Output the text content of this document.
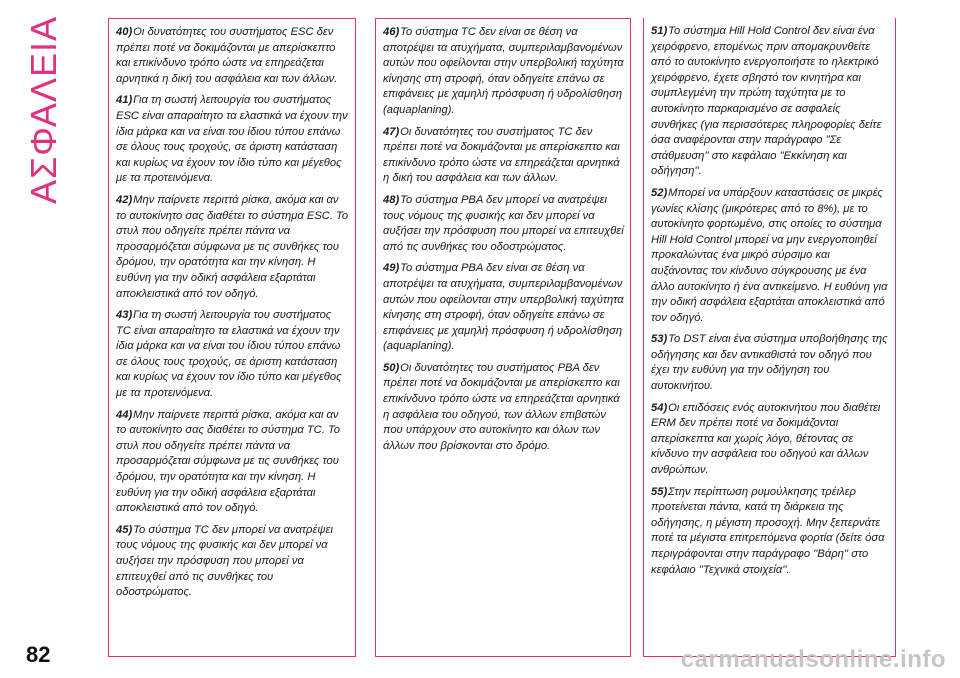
ΑΣΦΑΛΕΙΑ
82

40)Οι δυνατότητες του συστήματος ESC δεν πρέπει ποτέ να δοκιμάζονται με απερίσκεπτο και επικίνδυνο τρόπο ώστε να επηρεάζεται αρνητικά η δική του ασφάλεια και των άλλων.

41)Για τη σωστή λειτουργία του συστήματος ESC είναι απαραίτητο τα ελαστικά να έχουν την ίδια μάρκα και να είναι του ίδιου τύπου επάνω σε όλους τους τροχούς, σε άριστη κατάσταση και κυρίως να έχουν τον ίδιο τύπο και μέγεθος με τα προτεινόμενα.

42)Μην παίρνετε περιττά ρίσκα, ακόμα και αν το αυτοκίνητο σας διαθέτει το σύστημα ESC. Το στυλ που οδηγείτε πρέπει πάντα να προσαρμόζεται σύμφωνα με τις συνθήκες του δρόμου, την ορατότητα και την κίνηση. Η ευθύνη για την οδική ασφάλεια εξαρτάται αποκλειστικά από τον οδηγό.

43)Για τη σωστή λειτουργία του συστήματος TC είναι απαραίτητο τα ελαστικά να έχουν την ίδια μάρκα και να είναι του ίδιου τύπου επάνω σε όλους τους τροχούς, σε άριστη κατάσταση και κυρίως να έχουν τον ίδιο τύπο και μέγεθος με τα προτεινόμενα.

44)Μην παίρνετε περιττά ρίσκα, ακόμα και αν το αυτοκίνητο σας διαθέτει το σύστημα TC. Το στυλ που οδηγείτε πρέπει πάντα να προσαρμόζεται σύμφωνα με τις συνθήκες του δρόμου, την ορατότητα και την κίνηση. Η ευθύνη για την οδική ασφάλεια εξαρτάται αποκλειστικά από τον οδηγό.

45)Το σύστημα TC δεν μπορεί να ανατρέψει τους νόμους της φυσικής και δεν μπορεί να αυξήσει την πρόσφυση που μπορεί να επιτευχθεί από τις συνθήκες του οδοστρώματος.

46)Το σύστημα TC δεν είναι σε θέση να αποτρέψει τα ατυχήματα, συμπεριλαμβανομένων αυτών που οφείλονται στην υπερβολική ταχύτητα κίνησης στη στροφή, όταν οδηγείτε επάνω σε επιφάνειες με χαμηλή πρόσφυση ή υδρολίσθηση (aquaplaning).

47)Οι δυνατότητες του συστήματος TC δεν πρέπει ποτέ να δοκιμάζονται με απερίσκεπτο και επικίνδυνο τρόπο ώστε να επηρεάζεται αρνητικά η δική του ασφάλεια και των άλλων.

48)Το σύστημα PBA δεν μπορεί να ανατρέψει τους νόμους της φυσικής και δεν μπορεί να αυξήσει την πρόσφυση που μπορεί να επιτευχθεί από τις συνθήκες του οδοστρώματος.

49)Το σύστημα PBA δεν είναι σε θέση να αποτρέψει τα ατυχήματα, συμπεριλαμβανομένων αυτών που οφείλονται στην υπερβολική ταχύτητα κίνησης στη στροφή, όταν οδηγείτε επάνω σε επιφάνειες με χαμηλή πρόσφυση ή υδρολίσθηση (aquaplaning).

50)Οι δυνατότητες του συστήματος PBA δεν πρέπει ποτέ να δοκιμάζονται με απερίσκεπτο και επικίνδυνο τρόπο ώστε να επηρεάζεται αρνητικά η ασφάλεια του οδηγού, των άλλων επιβατών που υπάρχουν στο αυτοκίνητο και όλων των άλλων που βρίσκονται στο δρόμο.

51)Το σύστημα Hill Hold Control δεν είναι ένα χειρόφρενο, επομένως πριν απομακρυνθείτε από το αυτοκίνητο ενεργοποιήστε το ηλεκτρικό χειρόφρενο, έχετε σβηστό τον κινητήρα και συμπλεγμένη την πρώτη ταχύτητα με το αυτοκίνητο παρκαρισμένο σε ασφαλείς συνθήκες (για περισσότερες πληροφορίες δείτε όσα αναφέρονται στην παράγραφο "Σε στάθμευση'' στο κεφάλαιο "Εκκίνηση και οδήγηση''.

52)Μπορεί να υπάρξουν καταστάσεις σε μικρές γωνίες κλίσης (μικρότερες από το 8%), με το αυτοκίνητο φορτωμένο, στις οποίες το σύστημα Hill Hold Control μπορεί να μην ενεργοποιηθεί προκαλώντας ένα μικρό σύρσιμο και αυξάνοντας τον κίνδυνο σύγκρουσης με ένα άλλο αυτοκίνητο ή ένα αντικείμενο. Η ευθύνη για την οδική ασφάλεια εξαρτάται αποκλειστικά από τον οδηγό.

53)Το DST είναι ένα σύστημα υποβοήθησης της οδήγησης και δεν αντικαθιστά τον οδηγό που έχει την ευθύνη για την οδήγηση του αυτοκινήτου.

54)Οι επιδόσεις ενός αυτοκινήτου που διαθέτει ERM δεν πρέπει ποτέ να δοκιμάζονται απερίσκεπτα και χωρίς λόγο, θέτοντας σε κίνδυνο την ασφάλεια του οδηγού και άλλων ανθρώπων.

55)Στην περίπτωση ρυμούλκησης τρέιλερ προτείνεται πάντα, κατά τη διάρκεια της οδήγησης, η μέγιστη προσοχή. Μην ξεπερνάτε ποτέ τα μέγιστα επιτρεπόμενα φορτία (δείτε όσα περιγράφονται στην παράγραφο ''Βάρη'' στο κεφάλαιο ''Τεχνικά στοιχεία''.

carmanualsonline.info
